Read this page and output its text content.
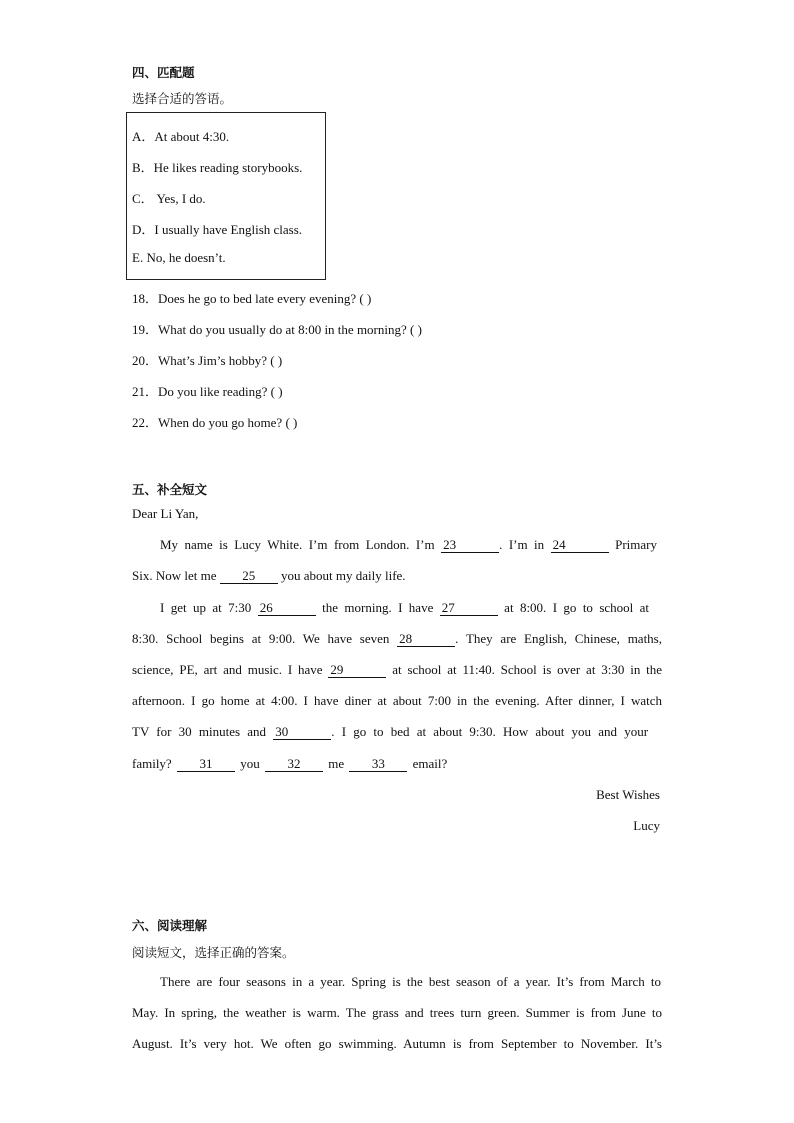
四、匹配题
选择合适的答语。
A．At about 4:30.
B．He likes reading storybooks.
C． Yes, I do.
D．I usually have English class.
E. No, he doesn’t.
18．Does he go to bed late every evening? ( )
19．What do you usually do at 8:00 in the morning? ( )
20．What’s Jim’s hobby? ( )
21．Do you like reading? ( )
22．When do you go home? ( )
五、补全短文
Dear Li Yan,
My name is Lucy White. I’m from London. I’m 23	. I’m in 24	Primary
Six. Now let me 25 you about my daily life.
I get up at 7:30 26	the morning. I have 27	at 8:00. I go to school at
8:30. School begins at 9:00. We have seven 28	. They are English, Chinese, maths,
science, PE, art and music. I have 29	at school at 11:40. School is over at 3:30 in the
afternoon. I go home at 4:00. I have diner at about 7:00 in the evening. After dinner, I watch
TV for 30 minutes and 30	. I go to bed at about 9:30. How about you and your
family? 31 you 32 me 33 email?
Best Wishes
Lucy
六、阅读理解
阅读短文，选择正确的答案。
There are four seasons in a year. Spring is the best season of a year. It’s from March to
May. In spring, the weather is warm. The grass and trees turn green. Summer is from June to
August. It’s very hot. We often go swimming. Autumn is from September to November. It’s
